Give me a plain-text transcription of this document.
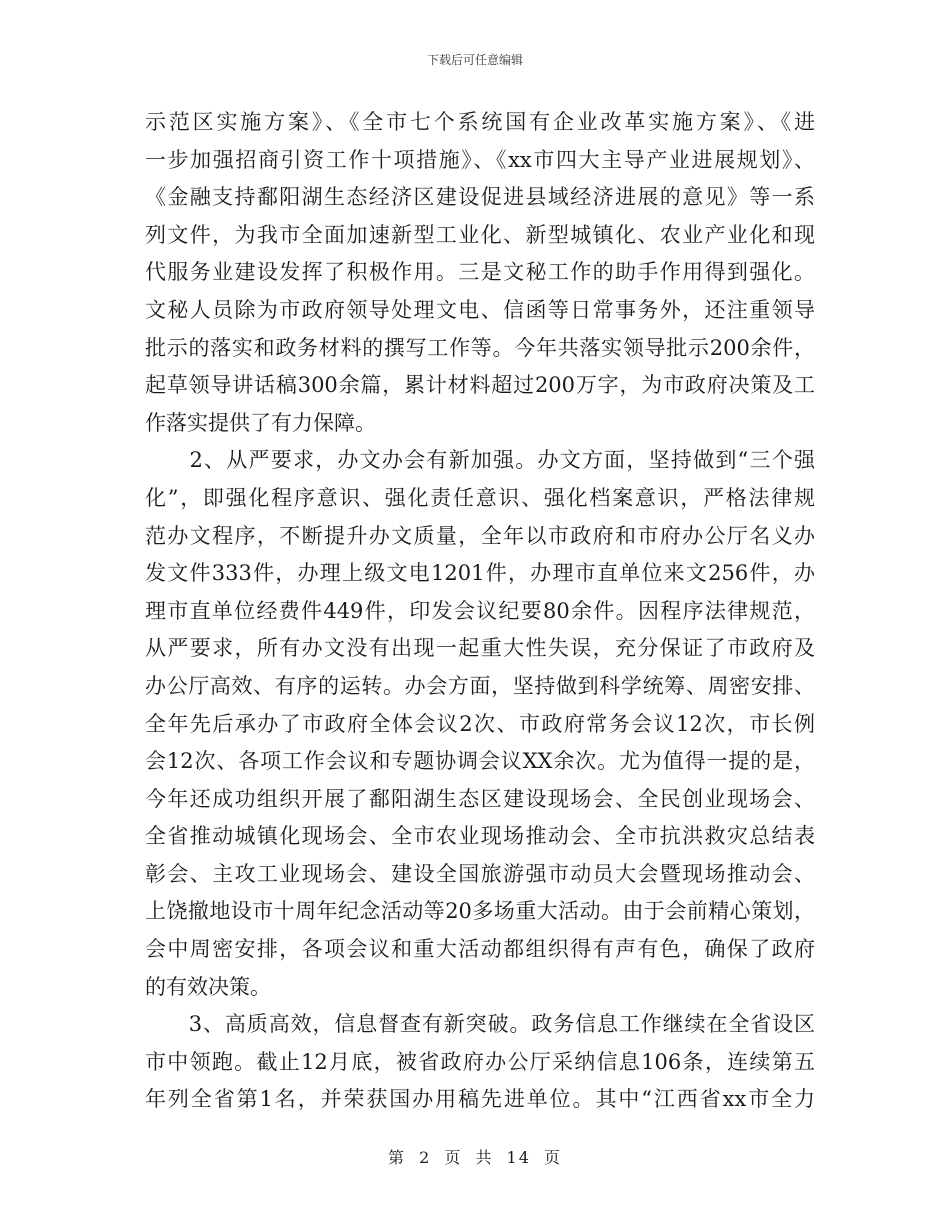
下载后可任意编辑
示范区实施方案》、《全市七个系统国有企业改革实施方案》、《进
一步加强招商引资工作十项措施》、《xx市四大主导产业进展规划》、
《金融支持鄱阳湖生态经济区建设促进县域经济进展的意见》等一系
列文件，为我市全面加速新型工业化、新型城镇化、农业产业化和现
代服务业建设发挥了积极作用。三是文秘工作的助手作用得到强化。
文秘人员除为市政府领导处理文电、信函等日常事务外，还注重领导
批示的落实和政务材料的撰写工作等。今年共落实领导批示200余件，
起草领导讲话稿300余篇，累计材料超过200万字，为市政府决策及工
作落实提供了有力保障。
　　2、从严要求，办文办会有新加强。办文方面，坚持做到“三个强
化”，即强化程序意识、强化责任意识、强化档案意识，严格法律规
范办文程序，不断提升办文质量，全年以市政府和市府办公厅名义办
发文件333件，办理上级文电1201件，办理市直单位来文256件，办
理市直单位经费件449件，印发会议纪要80余件。因程序法律规范，
从严要求，所有办文没有出现一起重大性失误，充分保证了市政府及
办公厅高效、有序的运转。办会方面，坚持做到科学统筹、周密安排、
全年先后承办了市政府全体会议2次、市政府常务会议12次，市长例
会12次、各项工作会议和专题协调会议XX余次。尤为值得一提的是，
今年还成功组织开展了鄱阳湖生态区建设现场会、全民创业现场会、
全省推动城镇化现场会、全市农业现场推动会、全市抗洪救灾总结表
彰会、主攻工业现场会、建设全国旅游强市动员大会暨现场推动会、
上饶撤地设市十周年纪念活动等20多场重大活动。由于会前精心策划，
会中周密安排，各项会议和重大活动都组织得有声有色，确保了政府
的有效决策。
　　3、高质高效，信息督查有新突破。政务信息工作继续在全省设区
市中领跑。截止12月底，被省政府办公厅采纳信息106条，连续第五
年列全省第1名，并荣获国办用稿先进单位。其中“江西省xx市全力
第 2 页 共 14 页
